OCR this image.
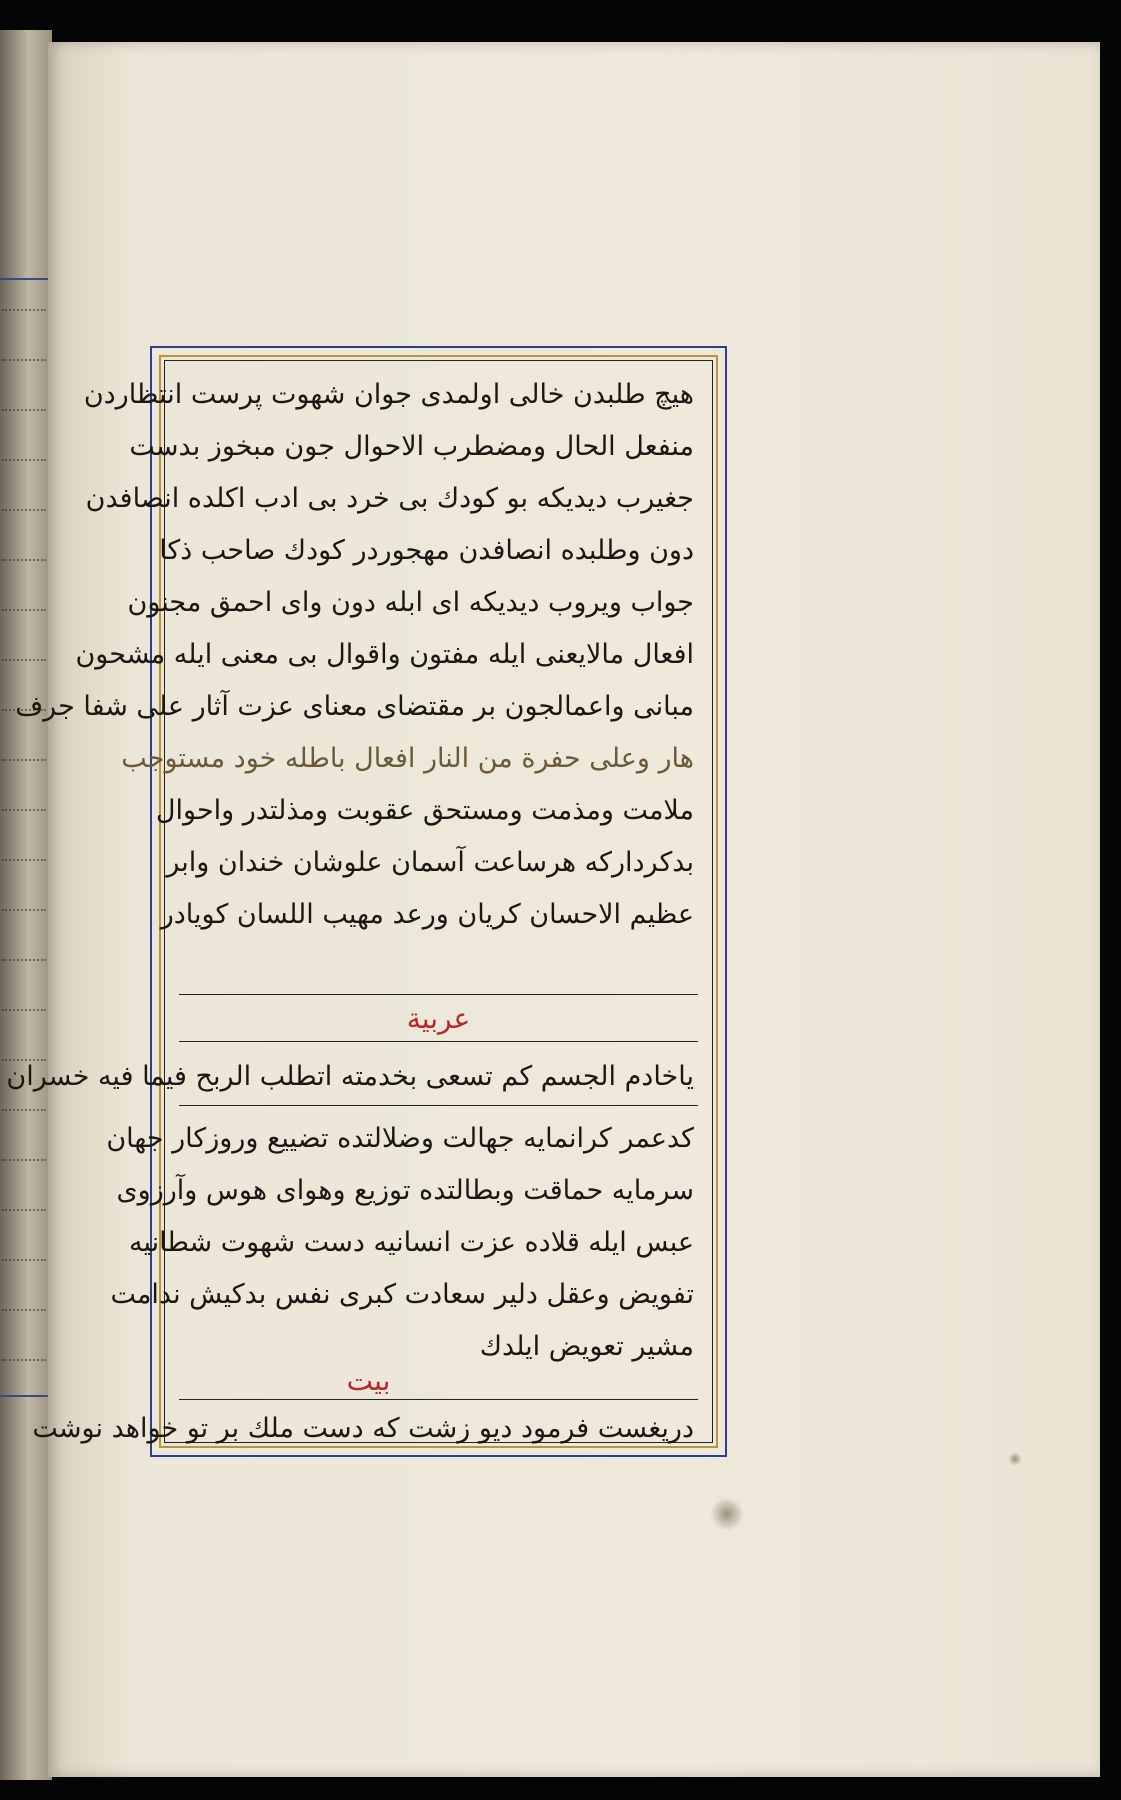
هیچ طلبدن خالی اولمدی جوان شهوت پرست انتظاردن
منفعل الحال ومضطرب الاحوال جون مبخوز بدست
جغیرب دیدیکه بو کودك بی خرد بی ادب اکلده انصافدن
دون وطلبده انصافدن مهجوردر کودك صاحب ذکا
جواب ویروب دیدیکه ای ابله دون وای احمق مجنون
افعال مالایعنی ایله مفتون واقوال بی معنی ایله مشحون
مبانی واعمالجون بر مقتضای معنای عزت آثار علی شفا جرف
هار وعلی حفرة من النار افعال باطله خود مستوجب
ملامت ومذمت ومستحق عقوبت ومذلتدر واحوال
بدکردارکه هرساعت آسمان علوشان خندان وابر
عظیم الاحسان کریان ورعد مهیب اللسان کویادر
عربیة
یاخادم الجسم کم تسعی بخدمته اتطلب الربح فیما فیه خسران
کدعمر کرانمایه جهالت وضلالتده تضییع وروزکار جهان
سرمایه حماقت وبطالتده توزیع وهوای هوس وآرزوی
عبس ایله قلاده عزت انسانیه دست شهوت شطانیه
تفویض وعقل دلیر سعادت کبری نفس بدکیش ندامت
مشیر تعویض ایلدك
بیت
دریغست فرمود دیو زشت که دست ملك بر تو خواهد نوشت
